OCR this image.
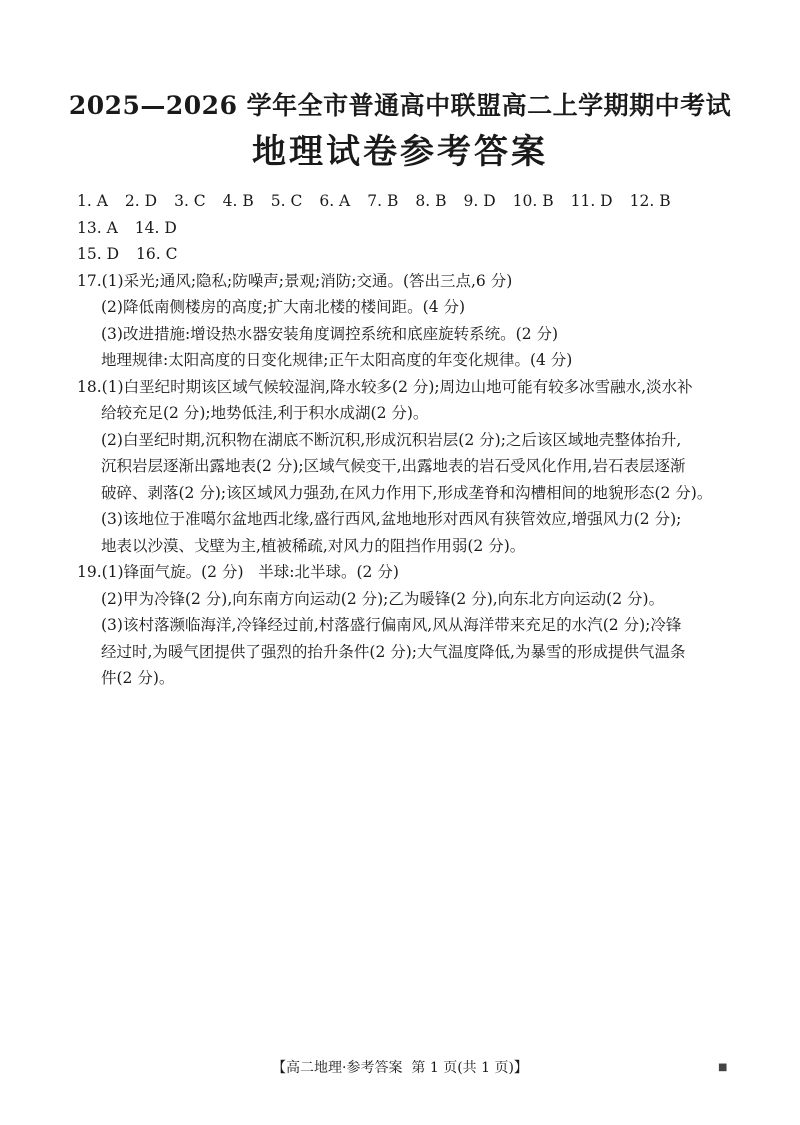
2025—2026 学年全市普通高中联盟高二上学期期中考试
地理试卷参考答案
1. A 2. D 3. C 4. B 5. C 6. A 7. B 8. B 9. D 10. B 11. D 12. B
13. A 14. D
15. D 16. C
17.(1)采光;通风;隐私;防噪声;景观;消防;交通。(答出三点,6 分)
(2)降低南侧楼房的高度;扩大南北楼的楼间距。(4 分)
(3)改进措施:增设热水器安装角度调控系统和底座旋转系统。(2 分)
地理规律:太阳高度的日变化规律;正午太阳高度的年变化规律。(4 分)
18.(1)白垩纪时期该区域气候较湿润,降水较多(2 分);周边山地可能有较多冰雪融水,淡水补
给较充足(2 分);地势低洼,利于积水成湖(2 分)。
(2)白垩纪时期,沉积物在湖底不断沉积,形成沉积岩层(2 分);之后该区域地壳整体抬升,
沉积岩层逐渐出露地表(2 分);区域气候变干,出露地表的岩石受风化作用,岩石表层逐渐
破碎、剥落(2 分);该区域风力强劲,在风力作用下,形成垄脊和沟槽相间的地貌形态(2 分)。
(3)该地位于准噶尔盆地西北缘,盛行西风,盆地地形对西风有狭管效应,增强风力(2 分);
地表以沙漠、戈壁为主,植被稀疏,对风力的阻挡作用弱(2 分)。
19.(1)锋面气旋。(2 分)   半球:北半球。(2 分)
(2)甲为冷锋(2 分),向东南方向运动(2 分);乙为暖锋(2 分),向东北方向运动(2 分)。
(3)该村落濒临海洋,冷锋经过前,村落盛行偏南风,风从海洋带来充足的水汽(2 分);冷锋
经过时,为暖气团提供了强烈的抬升条件(2 分);大气温度降低,为暴雪的形成提供气温条
件(2 分)。
【高二地理·参考答案  第 1 页(共 1 页)】	■
